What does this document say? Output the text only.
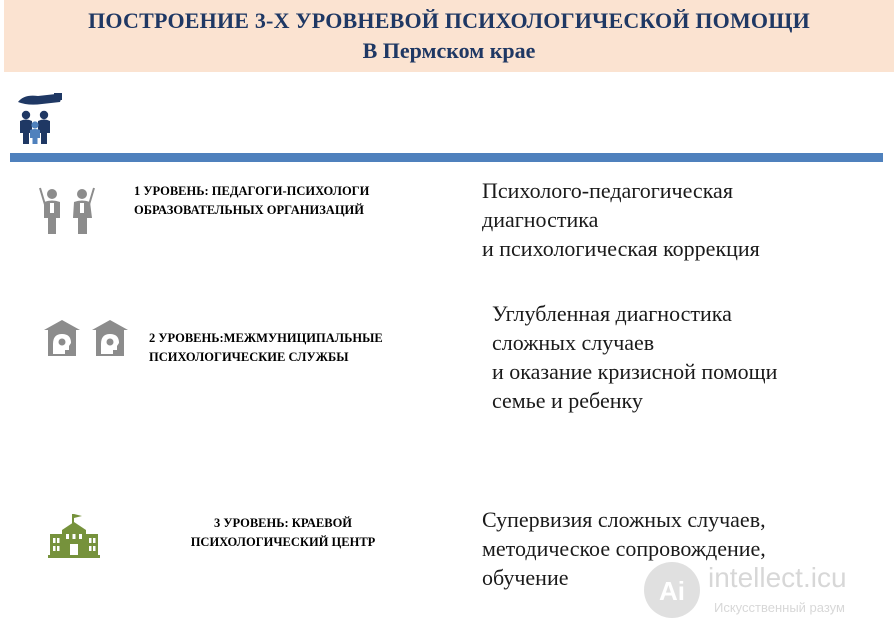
ПОСТРОЕНИЕ 3-Х УРОВНЕВОЙ ПСИХОЛОГИЧЕСКОЙ ПОМОЩИ
В Пермском крае
1 УРОВЕНЬ: ПЕДАГОГИ-ПСИХОЛОГИ
ОБРАЗОВАТЕЛЬНЫХ ОРГАНИЗАЦИЙ
Психолого-педагогическая
диагностика
и психологическая коррекция
2 УРОВЕНЬ:МЕЖМУНИЦИПАЛЬНЫЕ
ПСИХОЛОГИЧЕСКИЕ СЛУЖБЫ
Углубленная диагностика
сложных случаев
и оказание кризисной помощи
семье и ребенку
3 УРОВЕНЬ: КРАЕВОЙ
ПСИХОЛОГИЧЕСКИЙ ЦЕНТР
Супервизия сложных случаев,
методическое сопровождение,
обучение	Ai intellect.icu
Искусственный разум
